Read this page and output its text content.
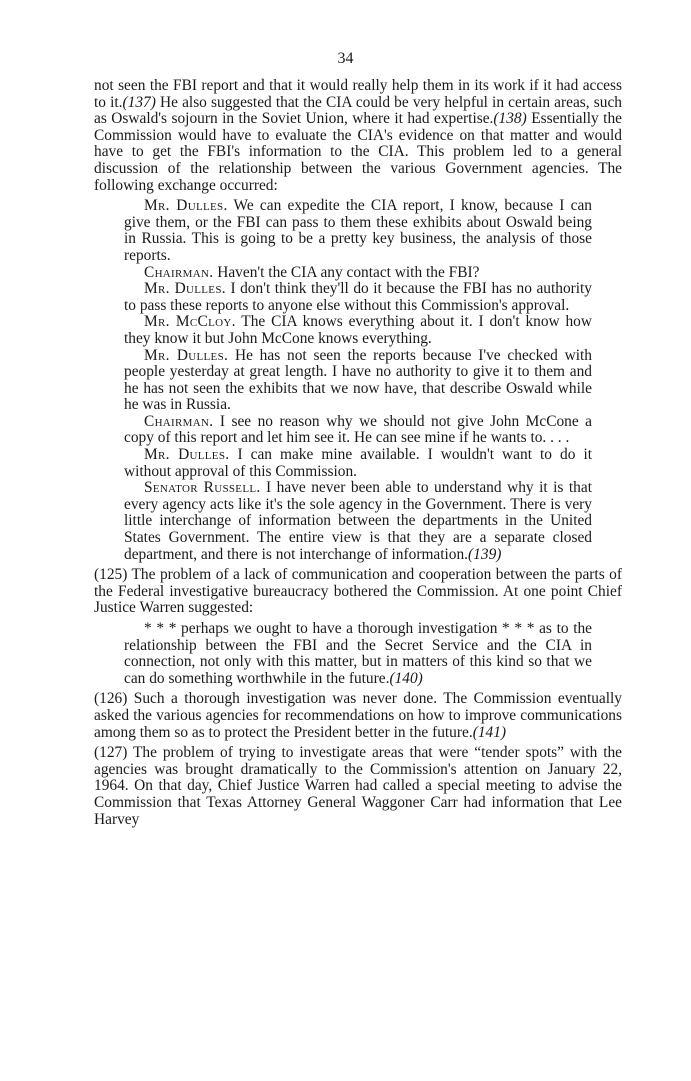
34

not seen the FBI report and that it would really help them in its work if it had access to it.(137) He also suggested that the CIA could be very helpful in certain areas, such as Oswald's sojourn in the Soviet Union, where it had expertise.(138) Essentially the Commission would have to evaluate the CIA's evidence on that matter and would have to get the FBI's information to the CIA. This problem led to a general discussion of the relationship between the various Government agencies. The following exchange occurred:

Mr. Dulles. We can expedite the CIA report, I know, because I can give them, or the FBI can pass to them these exhibits about Oswald being in Russia. This is going to be a pretty key business, the analysis of those reports.

Chairman. Haven't the CIA any contact with the FBI?

Mr. Dulles. I don't think they'll do it because the FBI has no authority to pass these reports to anyone else without this Commission's approval.

Mr. McCloy. The CIA knows everything about it. I don't know how they know it but John McCone knows everything.

Mr. Dulles. He has not seen the reports because I've checked with people yesterday at great length. I have no authority to give it to them and he has not seen the exhibits that we now have, that describe Oswald while he was in Russia.

Chairman. I see no reason why we should not give John McCone a copy of this report and let him see it. He can see mine if he wants to. . . .

Mr. Dulles. I can make mine available. I wouldn't want to do it without approval of this Commission.

Senator Russell. I have never been able to understand why it is that every agency acts like it's the sole agency in the Government. There is very little interchange of information between the departments in the United States Government. The entire view is that they are a separate closed department, and there is not interchange of information.(139)

(125) The problem of a lack of communication and cooperation between the parts of the Federal investigative bureaucracy bothered the Commission. At one point Chief Justice Warren suggested:

* * * perhaps we ought to have a thorough investigation * * * as to the relationship between the FBI and the Secret Service and the CIA in connection, not only with this matter, but in matters of this kind so that we can do something worthwhile in the future.(140)

(126) Such a thorough investigation was never done. The Commission eventually asked the various agencies for recommendations on how to improve communications among them so as to protect the President better in the future.(141)

(127) The problem of trying to investigate areas that were “tender spots” with the agencies was brought dramatically to the Commission's attention on January 22, 1964. On that day, Chief Justice Warren had called a special meeting to advise the Commission that Texas Attorney General Waggoner Carr had information that Lee Harvey
